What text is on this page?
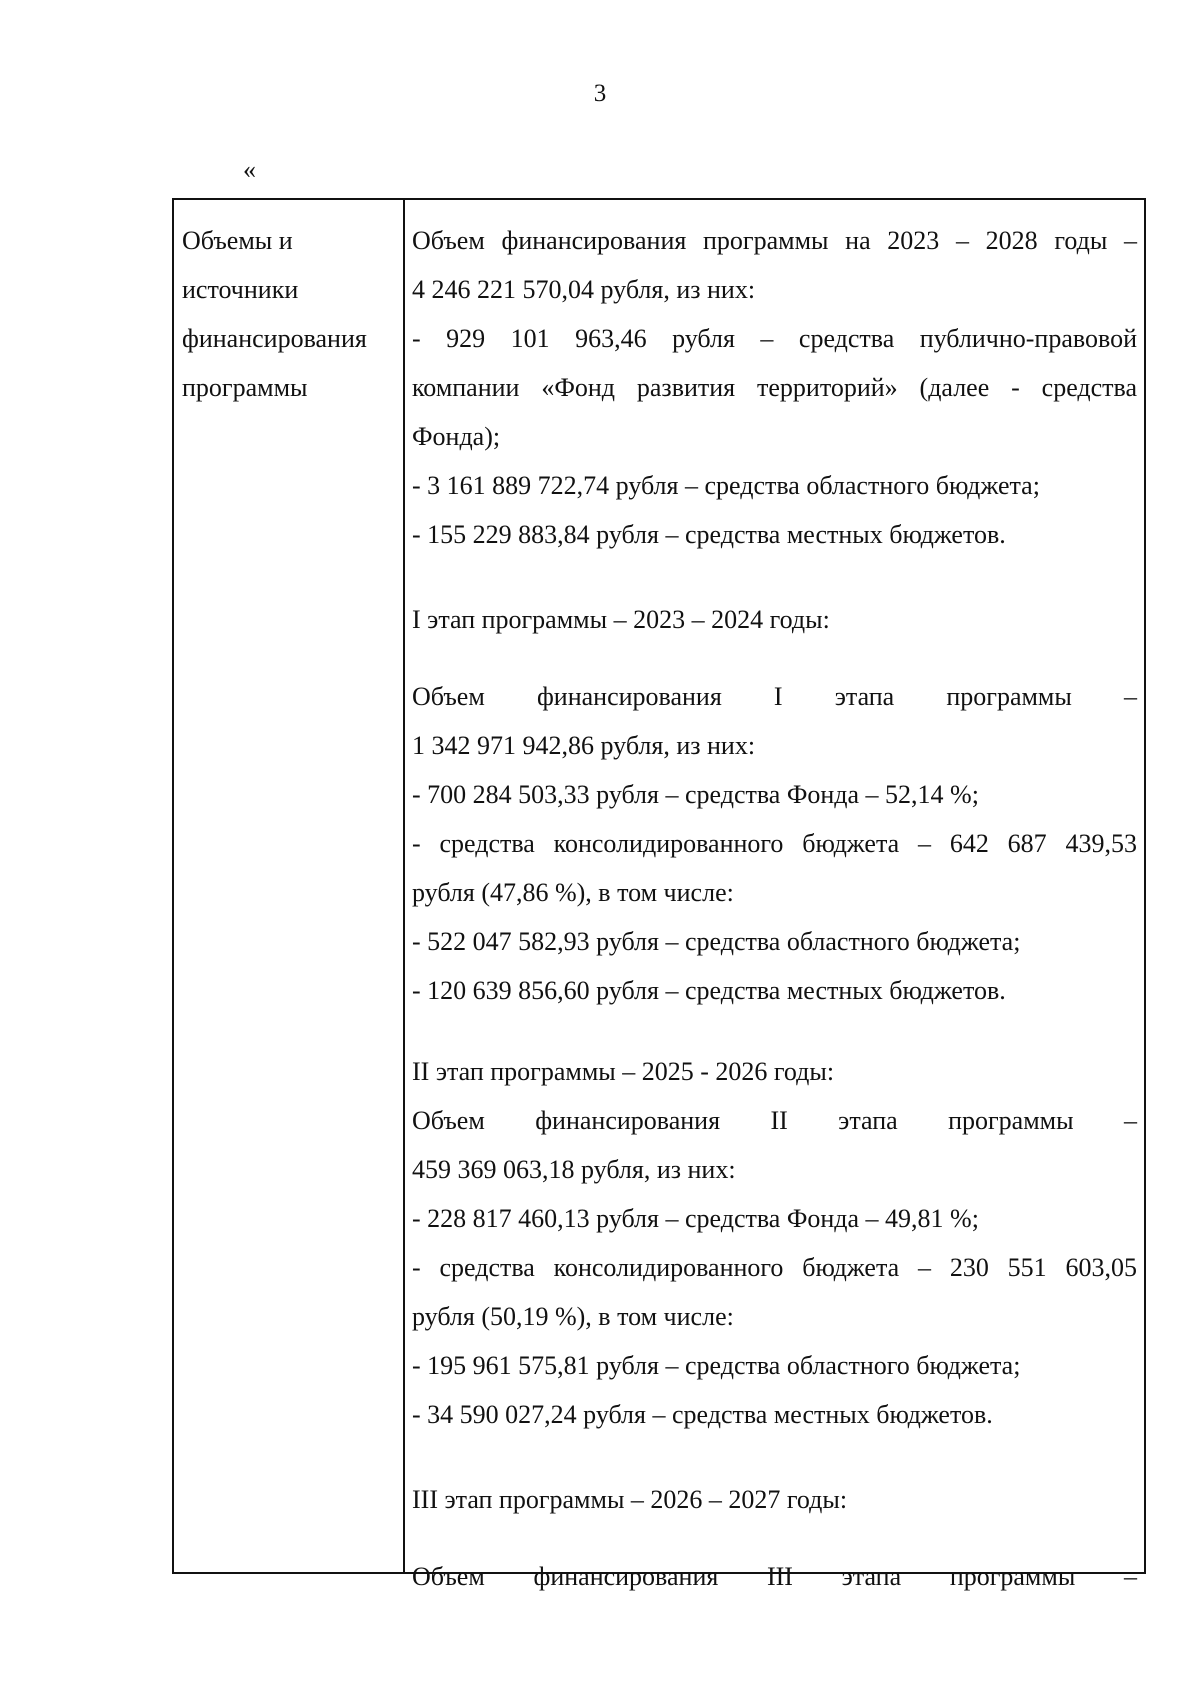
3
«
Объемы и
источники
финансирования
программы
Объем финансирования программы на 2023 – 2028 годы –
4 246 221 570,04 рубля, из них:
- 929 101 963,46 рубля – средства публично-правовой
компании «Фонд развития территорий» (далее - средства
Фонда);
- 3 161 889 722,74 рубля – средства областного бюджета;
- 155 229 883,84 рубля – средства местных бюджетов.
I этап программы – 2023 – 2024 годы:
Объем финансирования I этапа программы –
1 342 971 942,86 рубля, из них:
- 700 284 503,33 рубля – средства Фонда – 52,14 %;
- средства консолидированного бюджета – 642 687 439,53
рубля (47,86 %), в том числе:
- 522 047 582,93 рубля – средства областного бюджета;
- 120 639 856,60 рубля – средства местных бюджетов.
II этап программы – 2025 - 2026 годы:
Объем финансирования II этапа программы –
459 369 063,18 рубля, из них:
- 228 817 460,13 рубля – средства Фонда – 49,81 %;
- средства консолидированного бюджета – 230 551 603,05
рубля (50,19 %), в том числе:
- 195 961 575,81 рубля – средства областного бюджета;
- 34 590 027,24 рубля – средства местных бюджетов.
III этап программы – 2026 – 2027 годы:
Объем финансирования III этапа программы –
